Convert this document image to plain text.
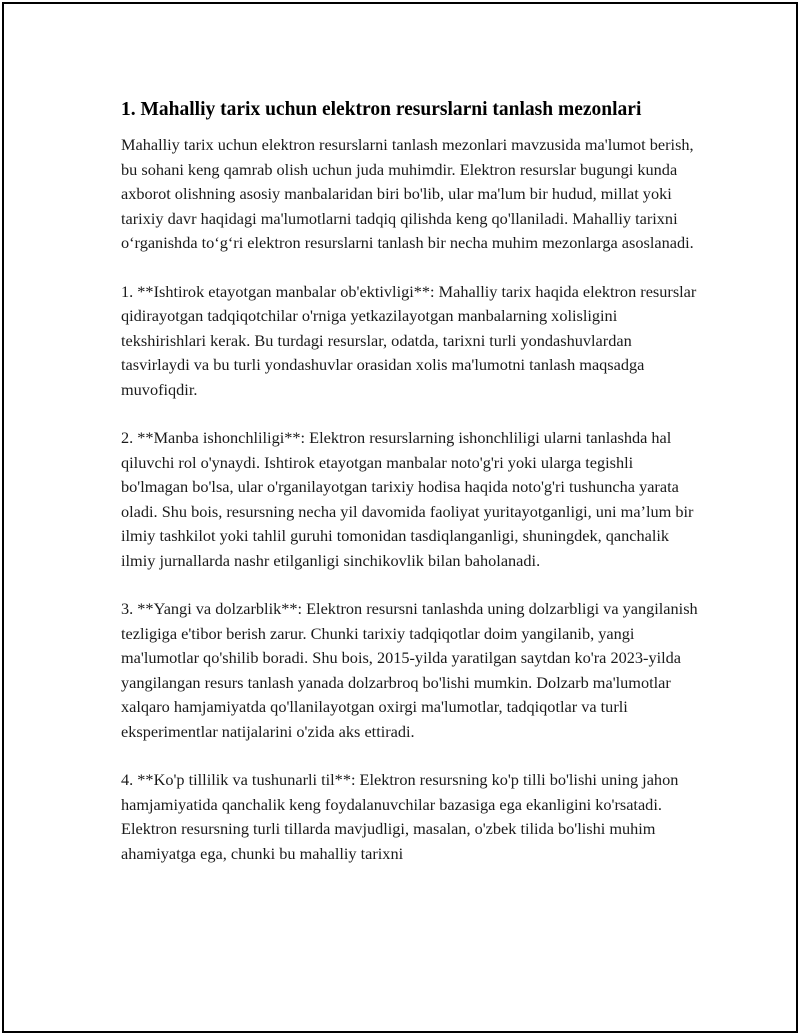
1. Mahalliy tarix uchun elektron resurslarni tanlash mezonlari

Mahalliy tarix uchun elektron resurslarni tanlash mezonlari mavzusida ma'lumot berish, bu sohani keng qamrab olish uchun juda muhimdir. Elektron resurslar bugungi kunda axborot olishning asosiy manbalaridan biri bo'lib, ular ma'lum bir hudud, millat yoki tarixiy davr haqidagi ma'lumotlarni tadqiq qilishda keng qo'llaniladi. Mahalliy tarixni o‘rganishda to‘g‘ri elektron resurslarni tanlash bir necha muhim mezonlarga asoslanadi.

1. **Ishtirok etayotgan manbalar ob'ektivligi**: Mahalliy tarix haqida elektron resurslar qidirayotgan tadqiqotchilar o'rniga yetkazilayotgan manbalarning xolisligini tekshirishlari kerak. Bu turdagi resurslar, odatda, tarixni turli yondashuvlardan tasvirlaydi va bu turli yondashuvlar orasidan xolis ma'lumotni tanlash maqsadga muvofiqdir.

2. **Manba ishonchliligi**: Elektron resurslarning ishonchliligi ularni tanlashda hal qiluvchi rol o'ynaydi. Ishtirok etayotgan manbalar noto'g'ri yoki ularga tegishli bo'lmagan bo'lsa, ular o'rganilayotgan tarixiy hodisa haqida noto'g'ri tushuncha yarata oladi. Shu bois, resursning necha yil davomida faoliyat yuritayotganligi, uni ma’lum bir ilmiy tashkilot yoki tahlil guruhi tomonidan tasdiqlanganligi, shuningdek, qanchalik ilmiy jurnallarda nashr etilganligi sinchikovlik bilan baholanadi.

3. **Yangi va dolzarblik**: Elektron resursni tanlashda uning dolzarbligi va yangilanish tezligiga e'tibor berish zarur. Chunki tarixiy tadqiqotlar doim yangilanib, yangi ma'lumotlar qo'shilib boradi. Shu bois, 2015-yilda yaratilgan saytdan ko'ra 2023-yilda yangilangan resurs tanlash yanada dolzarbroq bo'lishi mumkin. Dolzarb ma'lumotlar xalqaro hamjamiyatda qo'llanilayotgan oxirgi ma'lumotlar, tadqiqotlar va turli eksperimentlar natijalarini o'zida aks ettiradi.

4. **Ko'p tillilik va tushunarli til**: Elektron resursning ko'p tilli bo'lishi uning jahon hamjamiyatida qanchalik keng foydalanuvchilar bazasiga ega ekanligini ko'rsatadi. Elektron resursning turli tillarda mavjudligi, masalan, o'zbek tilida bo'lishi muhim ahamiyatga ega, chunki bu mahalliy tarixni
